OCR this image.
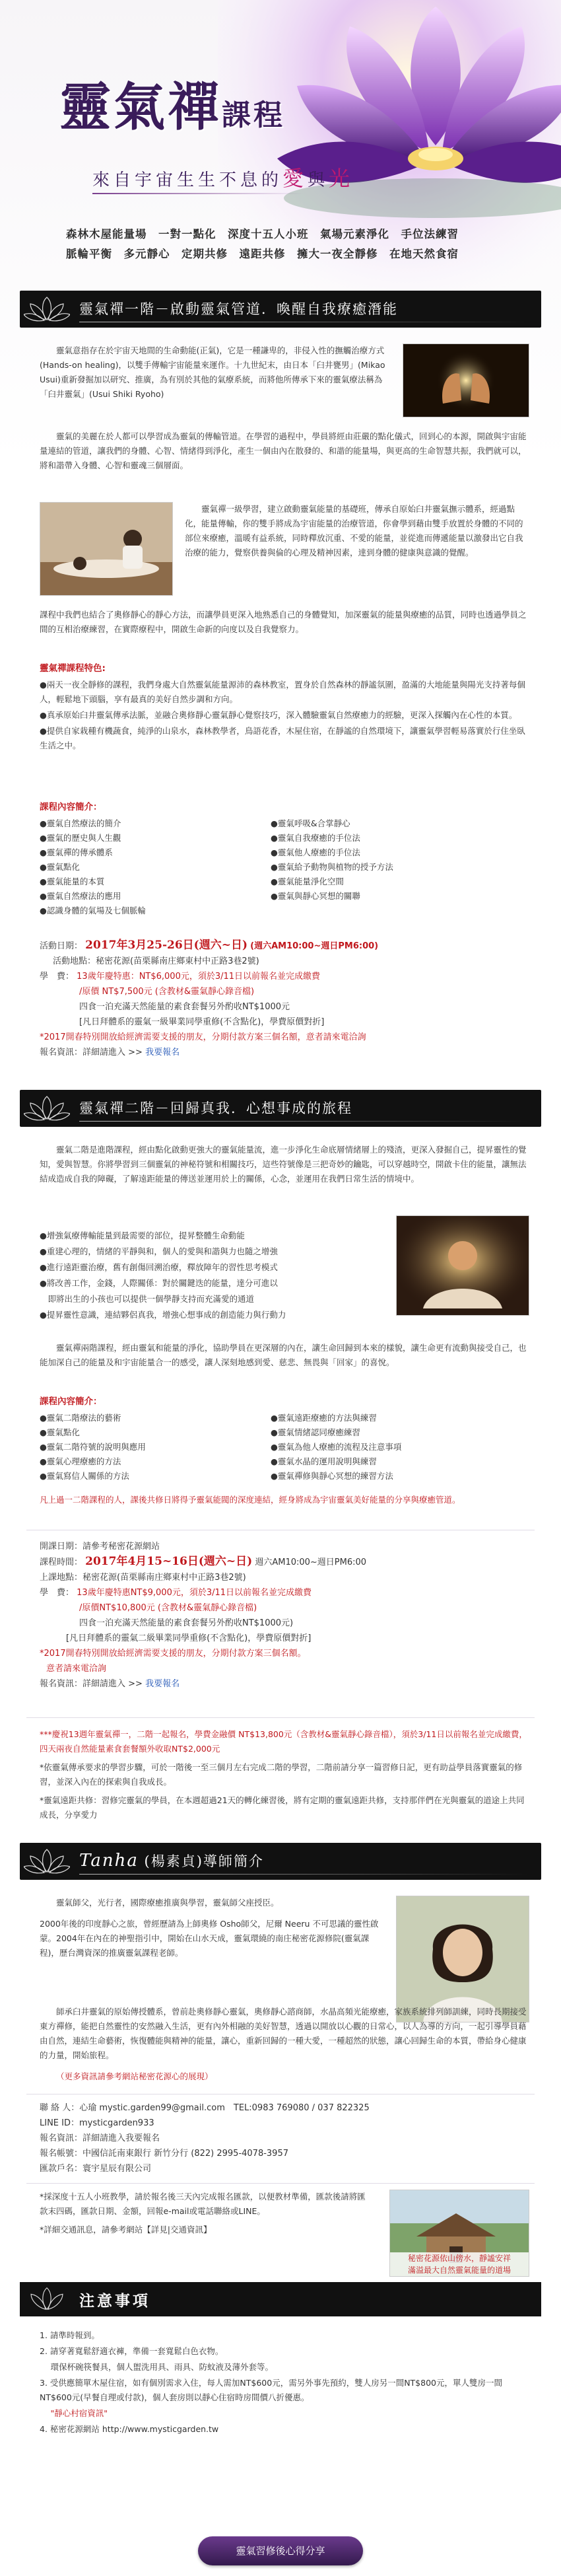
靈氣禪課程
來自宇宙生生不息的愛與光
森林木屋能量場　一對一點化　深度十五人小班　氣場元素淨化　手位法練習
脈輪平衡　多元靜心　定期共修　遠距共修　擁大一夜全靜修　在地天然食宿
靈氣禪一階－啟動靈氣管道．喚醒自我療癒潛能

靈氣意指存在於宇宙天地間的生命動能(正氣)，它是一種謙卑的，非侵入性的撫觸治療方式(Hands-on healing)，以雙手傳輸宇宙能量來運作。十九世紀末，由日本「臼井甕男」(Mikao Usui)重新發掘加以研究、推廣，為有別於其他的氣療系統，而將他所傳承下來的靈氣療法稱為「臼井靈氣」(Usui Shiki Ryoho)

靈氣的美麗在於人都可以學習成為靈氣的傳輸管道。在學習的過程中，學員將經由莊嚴的點化儀式，回到心的本源，開啟與宇宙能量連結的管道，讓我們的身體、心智、情緒得到淨化，產生一個由內在散發的、和諧的能量場，與更高的生命智慧共振，我們就可以，將和諧帶入身體、心智和靈魂三個層面。

靈氣禪一級學習，建立啟動靈氣能量的基礎班，傳承自原始臼井靈氣撫示體系，經過點化，能量傳輸，你的雙手將成為宇宙能量的治療管道，你會學到藉由雙手放置於身體的不同的部位來療癒，溫暖有益系統，同時釋放沉重、不愛的能量，並從進而傳遞能量以激發出它自我治療的能力，覺察供養與倫的心理及精神因素，達到身體的健康與意識的覺醒。

課程中我們也結合了奧修靜心的靜心方法，而讓學員更深入地熟悉自己的身體覺知，加深靈氣的能量與療癒的品質，同時也透過學員之間的互相治療練習，在實際療程中，開啟生命新的向度以及自我覺察力。

靈氣禪課程特色:
●兩天一夜全靜修的課程，我們身處大自然靈氣能量源沛的森林教室，置身於自然森林的靜謐氛圍，盈滿的大地能量與陽光支持著每個人，輕鬆地下頭腦，享有最真的美好自然步調和方向。
●真承原始臼井靈氣傳承法脈，並融合奧修靜心靈氣靜心覺察技巧，深入體驗靈氣自然療癒力的經驗，更深入探觸內在心性的本質。
●提供自家栽種有機蔬食，純淨的山泉水，森林教學者，鳥語花香，木屋住宿，在靜謐的自然環境下，讓靈氣學習輕易落實於行住坐臥生活之中。
課程內容簡介：
●靈氣自然療法的簡介
●靈氣的歷史與人生觀
●靈氣禪的傳承體系
●靈氣點化
●靈氣能量的本質
●靈氣自然療法的應用
●認識身體的氣場及七個脈輪
●靈氣呼吸&合掌靜心
●靈氣自我療癒的手位法
●靈氣他人療癒的手位法
●靈氣給予動物與植物的授予方法
●靈氣能量淨化空間
●靈氣與靜心冥想的關聯
活動日期： 2017年3月25-26日(週六~日) (週六AM10:00~週日PM6:00)
活動地點：秘密花源(苗栗縣南庄鄉東村中正路3巷2號)
學　費： 13歲年慶特惠：NT$6,000元，須於3/11日以前報名並完成繳費
/原價 NT$7,500元 (含教材&靈氣靜心錄音檔)
四食一泊充滿天然能量的素食套餐另外酌收NT$1000元
[凡日拜體系的靈氣一級畢業同學重修(不含點化)，學費原價對折]
*2017開春特別開放給經濟需要支援的朋友，分期付款方案三個名額，意者請來電洽詢
報名資訊：詳細請進入 >> 我要報名
靈氣禪二階－回歸真我．心想事成的旅程

靈氣二階是進階課程，經由點化啟動更強大的靈氣能量流，進一步淨化生命底層情緒層上的殘渣，更深入發掘自己，提昇靈性的覺知，愛與智慧。你將學習到三個靈氣的神秘符號和相關技巧，這些符號像是三把奇妙的鑰匙，可以穿越時空，開啟卡住的能量，讓無法結成造成自我的障礙，了解遠距能量的傳送並運用於上的關係，心念，並運用在我們日常生活的情境中。

●增強氣療傳輸能量到最需要的部位，提昇整體生命動能
●重建心理的，情緒的平靜與和，個人的愛與和諧與力也隨之增強
●進行遠距靈治療，舊有創傷回溯治療，釋放障年的習性思考模式
●將改善工作，金錢，人際關係：對於關鍵迭的能量，達分可進以
　即將出生的小孩也可以提供一個學靜支持而充滿愛的通道
●提昇靈性意識，連結夥侶真我，增強心想事成的創造能力與行動力

靈氣禪兩階課程，經由靈氣和能量的淨化，協助學員在更深層的內在，讓生命回歸到本來的樣貌，讓生命更有流動與接受自己，也能加深自己的能量及和宇宙能量合一的感受，讓人深刻地感到愛、慈悲、無畏與「回家」的喜悅。

課程內容簡介：
●靈氣二階療法的藝術
●靈氣點化
●靈氣二階符號的說明與應用
●靈氣心理療癒的方法
●靈氣寫信人關係的方法
●靈氣遠距療癒的方法與練習
●靈氣情緒認同療癒練習
●靈氣為他人療癒的流程及注意事項
●靈氣水晶的運用說明與練習
●靈氣禪修與靜心冥想的練習方法
凡上過一二階課程的人，課後共修日將得予靈氣能閥的深度連結，經身將成為宇宙靈氣美好能量的分享與療癒管道。
開課日期：請參考秘密花源網站
課程時間： 2017年4月15~16日(週六~日) 週六AM10:00~週日PM6:00
上課地點：秘密花源(苗栗縣南庄鄉東村中正路3巷2號)
學　費： 13歲年慶特惠NT$9,000元，須於3/11日以前報名並完成繳費
/原價NT$10,800元 (含教材&靈氣靜心錄音檔)
四食一泊充滿天然能量的素食套餐另外酌收NT$1000元)
[凡日拜體系的靈氣二級畢業同學重修(不含點化)，學費原價對折]
*2017開春特別開放給經濟需要支援的朋友，分期付款方案三個名額。
意者請來電洽詢
報名資訊：詳細請進入 >> 我要報名
***慶祝13週年靈氣禪一，二階一起報名，學費金融價 NT$13,800元（含教材&靈氣靜心錄音檔），須於3/11日以前報名並完成繳費，四天兩夜自然能量素食套餐額外收取NT$2,000元
*依靈氣傳承要求的學習步驟，可於一階後一至三個月左右完成二階的學習，二階前請分享一篇習修日記，更有助益學員落實靈氣的修習，並深入內在的探索與自我成長。
*靈氣遠距共修：習修完靈氣的學員，在本週超過21天的轉化練習後，將有定期的靈氣遠距共修，支持那伴們在光與靈氣的道途上共同成長，分享愛力
Tanha (楊素貞)導師簡介

靈氣師父，光行者，國際療癒推廣與學習，靈氣師父座授臣。

2000年後的印度靜心之旅，曾經歷請為上師奧修 Osho師父，尼爾 Neeru 不可思議的靈性啟蒙。2004年在內在的神聖指引中，開始在山水天成，靈氣環繞的南庄秘密花源修院(靈氣課程)，歷台灣資深的推廣靈氣課程老師。

師承臼井靈氣的原始傳授體系，曾前赴奧修靜心靈氣，奧修靜心諮商師，水晶高頻光能療癒，家族系統排列師訓練，同時長期接受東方禪修，能把自然靈性的安然融入生活，更有內外相融的美好智慧，透過以開放以心觀的日常心，以人為導的方向，一起引導學員藉由自然，連結生命藝術，恢復體能與精神的能量，讓心，重新回歸的一種大愛，一種超然的狀態，讓心回歸生命的本質，帶給身心健康的力量，開始旅程。

（更多資訊請參考網站秘密花源心的展現）
聯 絡 人：心瑜 mystic.garden99@gmail.com　TEL:0983 769080 / 037 822325
LINE ID：mysticgarden933
報名資訊：詳細請進入我要報名
報名帳號：中國信託南東銀行 新竹分行 (822) 2995-4078-3957
匯款戶名：寰宇星辰有限公司
*採深度十五人小班教學，請於報名後三天內完成報名匯款，以便教材準備，匯款後請將匯款末四碼，匯款日期、金額，回報e-mail或電話聯絡或LINE。
*詳細交通訊息，請參考網站【詳見|交通資訊】
秘密花源依山傍水，靜謐安祥
滿溢最大自然靈氣能量的道場
注意事項
1. 請準時報到。
2. 請穿著寬鬆舒適衣褲，準備一套寬鬆白色衣物。
　 環保杯碗筷餐具，個人盥洗用具、雨具、防蚊液及薄外套等。
3. 受供應簡單木屋住宿，如有個別需求入住，每人需加NT$600元，需另外事先預約，雙人房另一間NT$800元，單人雙房一間NT$600元(早餐自理或付款)，個人套房則以靜心住宿時房間價八折優惠。
　 "靜心村宿資訊"
4. 秘密花源網站 http://www.mysticgarden.tw
靈氣習修後心得分享
